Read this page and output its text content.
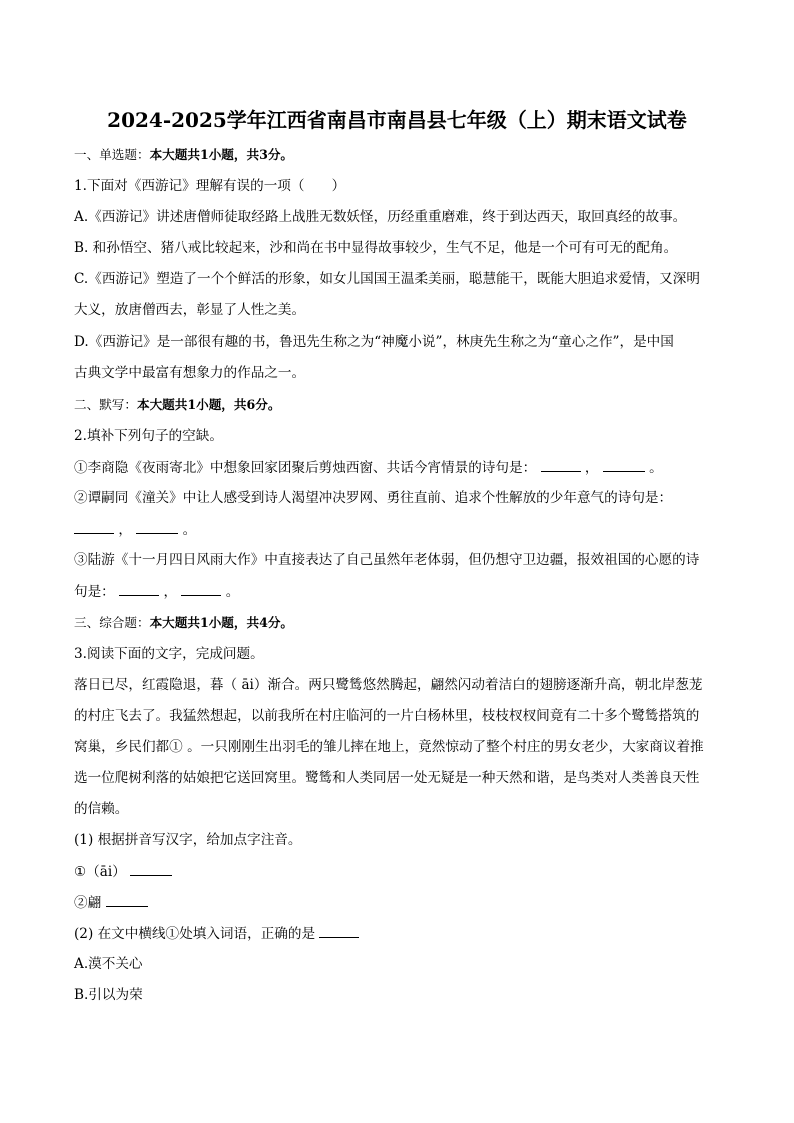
2024-2025学年江西省南昌市南昌县七年级（上）期末语文试卷
一、单选题：本大题共1小题，共3分。
1.下面对《西游记》理解有误的一项（　　）
A.《西游记》讲述唐僧师徒取经路上战胜无数妖怪，历经重重磨难，终于到达西天，取回真经的故事。
B. 和孙悟空、猪八戒比较起来，沙和尚在书中显得故事较少，生气不足，他是一个可有可无的配角。
C.《西游记》塑造了一个个鲜活的形象，如女儿国国王温柔美丽，聪慧能干，既能大胆追求爱情，又深明
大义，放唐僧西去，彰显了人性之美。
D.《西游记》是一部很有趣的书，鲁迅先生称之为“神魔小说”，林庚先生称之为“童心之作”，是中国
古典文学中最富有想象力的作品之一。
二、默写：本大题共1小题，共6分。
2.填补下列句子的空缺。
①李商隐《夜雨寄北》中想象回家团聚后剪烛西窗、共话今宵情景的诗句是：	，	。
②谭嗣同《潼关》中让人感受到诗人渴望冲决罗网、勇往直前、追求个性解放的少年意气的诗句是：
，	。
③陆游《十一月四日风雨大作》中直接表达了自己虽然年老体弱，但仍想守卫边疆，报效祖国的心愿的诗
句是：	，	。
三、综合题：本大题共1小题，共4分。
3.阅读下面的文字，完成问题。
落日已尽，红霞隐退，暮（ āi）渐合。两只鹭鸶悠然腾起，翩然闪动着洁白的翅膀逐渐升高，朝北岸葱茏
的村庄飞去了。我猛然想起，以前我所在村庄临河的一片白杨林里，枝枝杈杈间竟有二十多个鹭鸶搭筑的
窝巢，乡民们都① 。一只刚刚生出羽毛的雏儿摔在地上，竟然惊动了整个村庄的男女老少，大家商议着推
选一位爬树利落的姑娘把它送回窝里。鹭鸶和人类同居一处无疑是一种天然和谐，是鸟类对人类善良天性
的信赖。
(1) 根据拼音写汉字，给加点字注音。
①（āi）
②翩
(2) 在文中横线①处填入词语，正确的是
A.漠不关心
B.引以为荣
